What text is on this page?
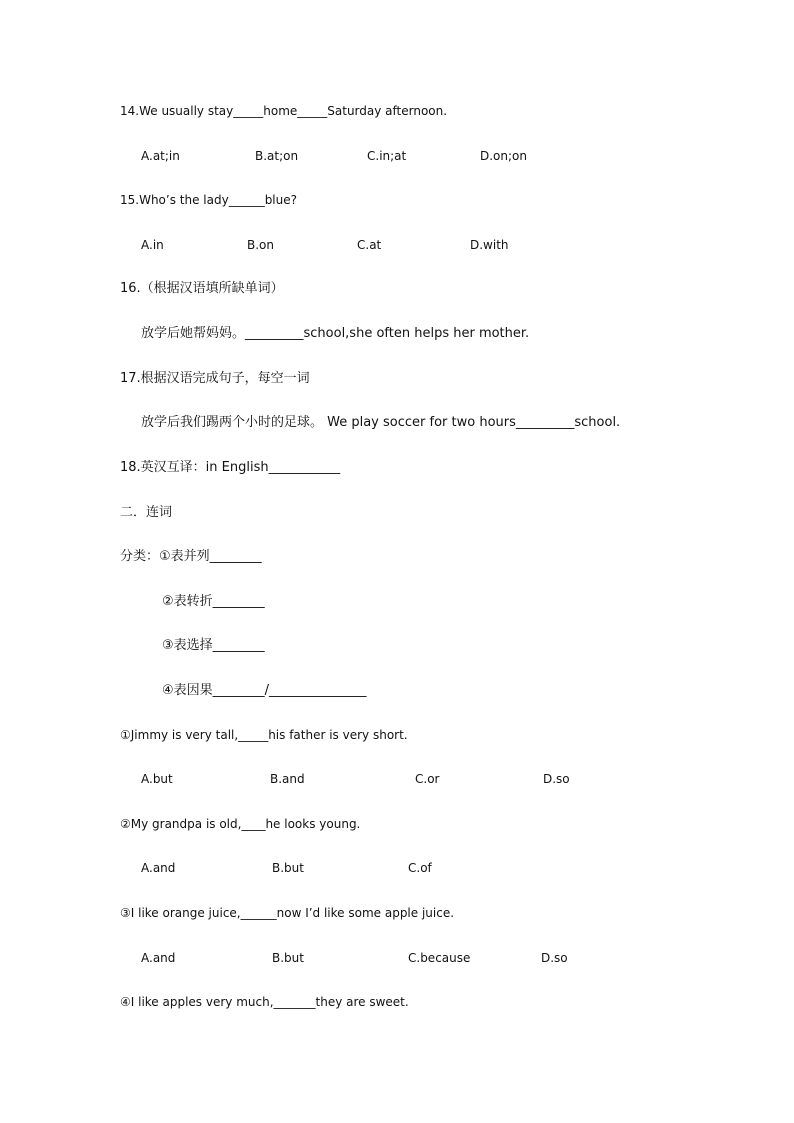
14.We usually stay_____home_____Saturday afternoon.
A.at;in	B.at;on	C.in;at	D.on;on
15.Who’s the lady______blue?
A.in	B.on	C.at	D.with
16.（根据汉语填所缺单词）
放学后她帮妈妈。_________school,she often helps her mother.
17.根据汉语完成句子，每空一词
放学后我们踢两个小时的足球。 We play soccer for two hours_________school.
18.英汉互译：in English___________
二．连词
分类：①表并列________
②表转折________
③表选择________
④表因果________/_______________
①Jimmy is very tall,_____his father is very short.
A.but	B.and	C.or	D.so
②My grandpa is old,____he looks young.
A.and	B.but	C.of
③I like orange juice,______now I’d like some apple juice.
A.and	B.but	C.because	D.so
④I like apples very much,_______they are sweet.
